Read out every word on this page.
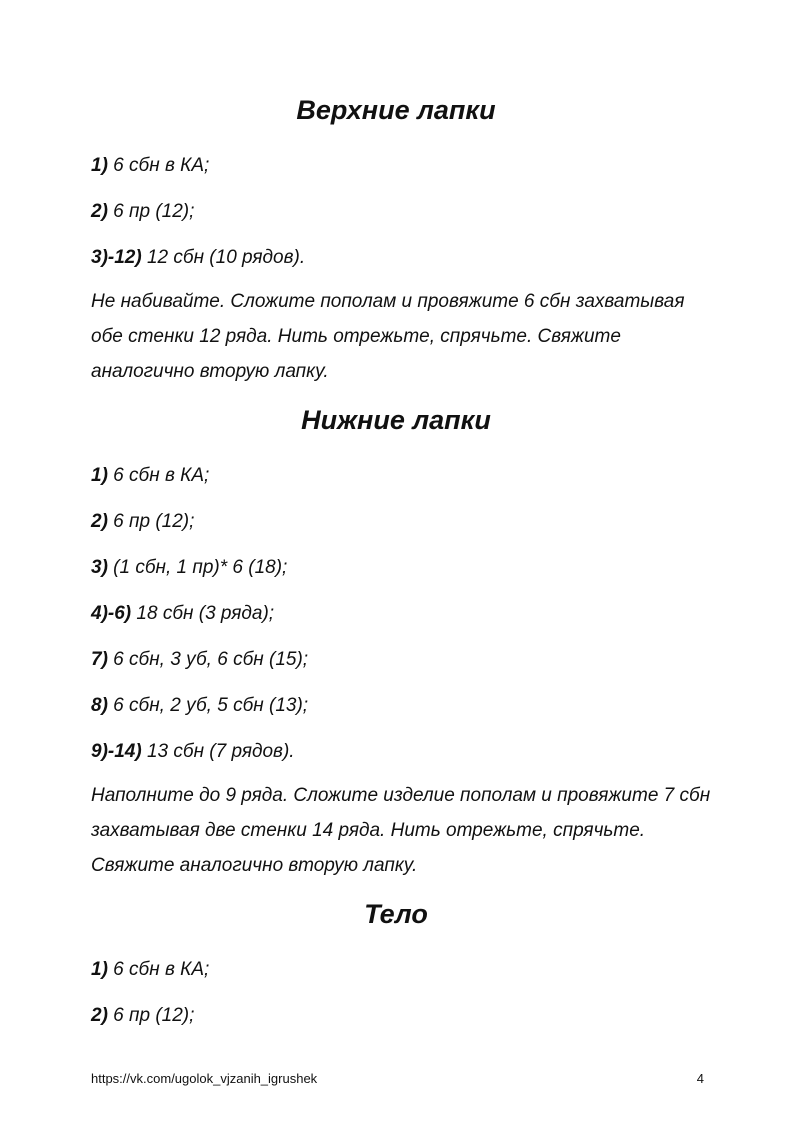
Верхние лапки
1) 6 сбн в КА;
2) 6 пр (12);
3)-12) 12 сбн (10 рядов).

Не набивайте. Сложите пополам и провяжите 6 сбн захватывая обе стенки 12 ряда. Нить отрежьте, спрячьте. Свяжите аналогично вторую лапку.

Нижние лапки
1) 6 сбн в КА;
2) 6 пр (12);
3) (1 сбн, 1 пр)* 6 (18);
4)-6) 18 сбн (3 ряда);
7) 6 сбн, 3 уб, 6 сбн (15);
8) 6 сбн, 2 уб, 5 сбн (13);
9)-14) 13 сбн (7 рядов).

Наполните до 9 ряда. Сложите изделие пополам и провяжите 7 сбн захватывая две стенки 14 ряда. Нить отрежьте, спрячьте. Свяжите аналогично вторую лапку.

Тело
1) 6 сбн в КА;
2) 6 пр (12);
https://vk.com/ugolok_vjzanih_igrushek	4
